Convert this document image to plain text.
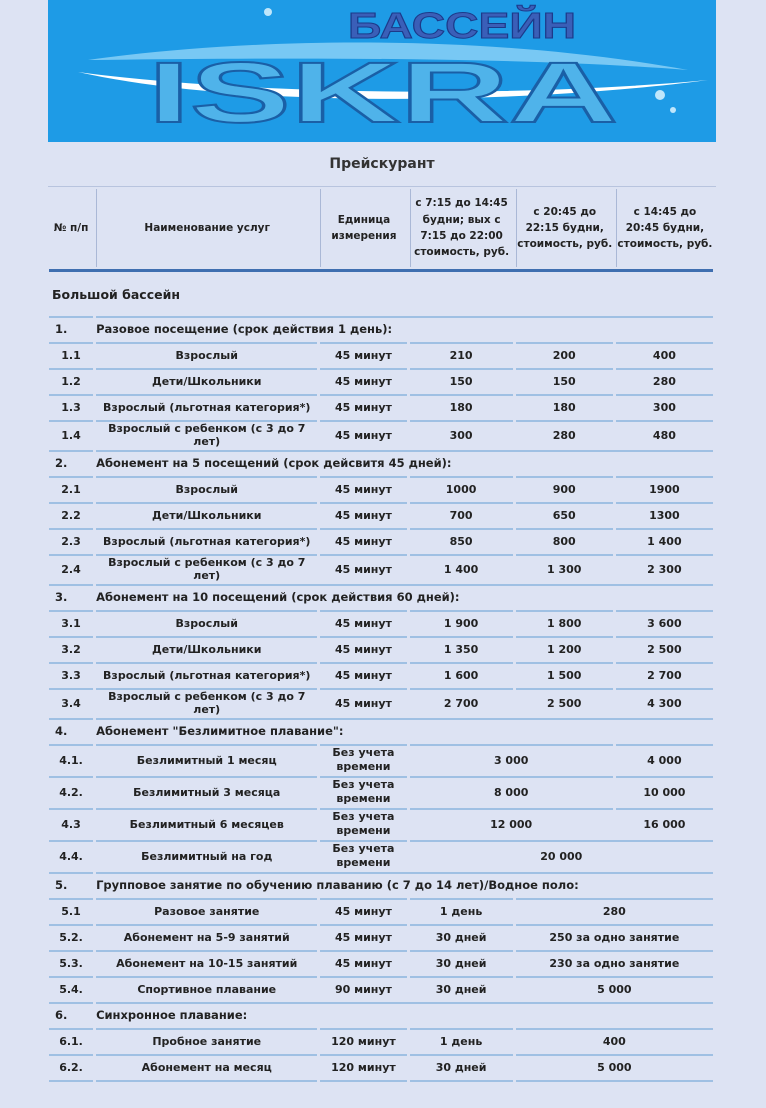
ISKRA
БАССЕЙН
Прейскурант
№ п/п	Наименование услуг	Единица измерения	с 7:15 до 14:45 будни; вых с 7:15 до 22:00 стоимость, руб.	с 20:45 до 22:15 будни, стоимость, руб.	с 14:45 до 20:45 будни, стоимость, руб.

Большой бассейн					
1.	Разовое посещение (срок действия 1 день):				
1.1	Взрослый	45 минут	210	200	400
1.2	Дети/Школьники	45 минут	150	150	280
1.3	Взрослый (льготная категория*)	45 минут	180	180	300
1.4	Взрослый с ребенком (с 3 до 7 лет)	45 минут	300	280	480
2.	Абонемент на 5 посещений (срок дейсвитя 45 дней):				
2.1	Взрослый	45 минут	1000	900	1900
2.2	Дети/Школьники	45 минут	700	650	1300
2.3	Взрослый (льготная категория*)	45 минут	850	800	1 400
2.4	Взрослый с ребенком (с 3 до 7 лет)	45 минут	1 400	1 300	2 300
3.	Абонемент на 10 посещений (срок действия 60 дней):				
3.1	Взрослый	45 минут	1 900	1 800	3 600
3.2	Дети/Школьники	45 минут	1 350	1 200	2 500
3.3	Взрослый (льготная категория*)	45 минут	1 600	1 500	2 700
3.4	Взрослый с ребенком (с 3 до 7 лет)	45 минут	2 700	2 500	4 300
4.	Абонемент "Безлимитное плавание":				
4.1.	Безлимитный 1 месяц	Без учета времени	3 000		4 000
4.2.	Безлимитный 3 месяца	Без учета времени	8 000		10 000
4.3	Безлимитный 6 месяцев	Без учета времени	12 000		16 000
4.4.	Безлимитный на год	Без учета времени	20 000		
5.	Групповое занятие по обучению плаванию (с 7 до 14 лет)/Водное поло:				
5.1	Разовое занятие	45 минут	1 день	280	
5.2.	Абонемент на 5-9 занятий	45 минут	30 дней	250 за одно занятие	
5.3.	Абонемент на 10-15 занятий	45 минут	30 дней	230 за одно занятие	
5.4.	Спортивное плавание	90 минут	30 дней	5 000	
6.	Синхронное плавание:				
6.1.	Пробное занятие	120 минут	1 день	400	
6.2.	Абонемент на месяц	120 минут	30 дней	5 000	
